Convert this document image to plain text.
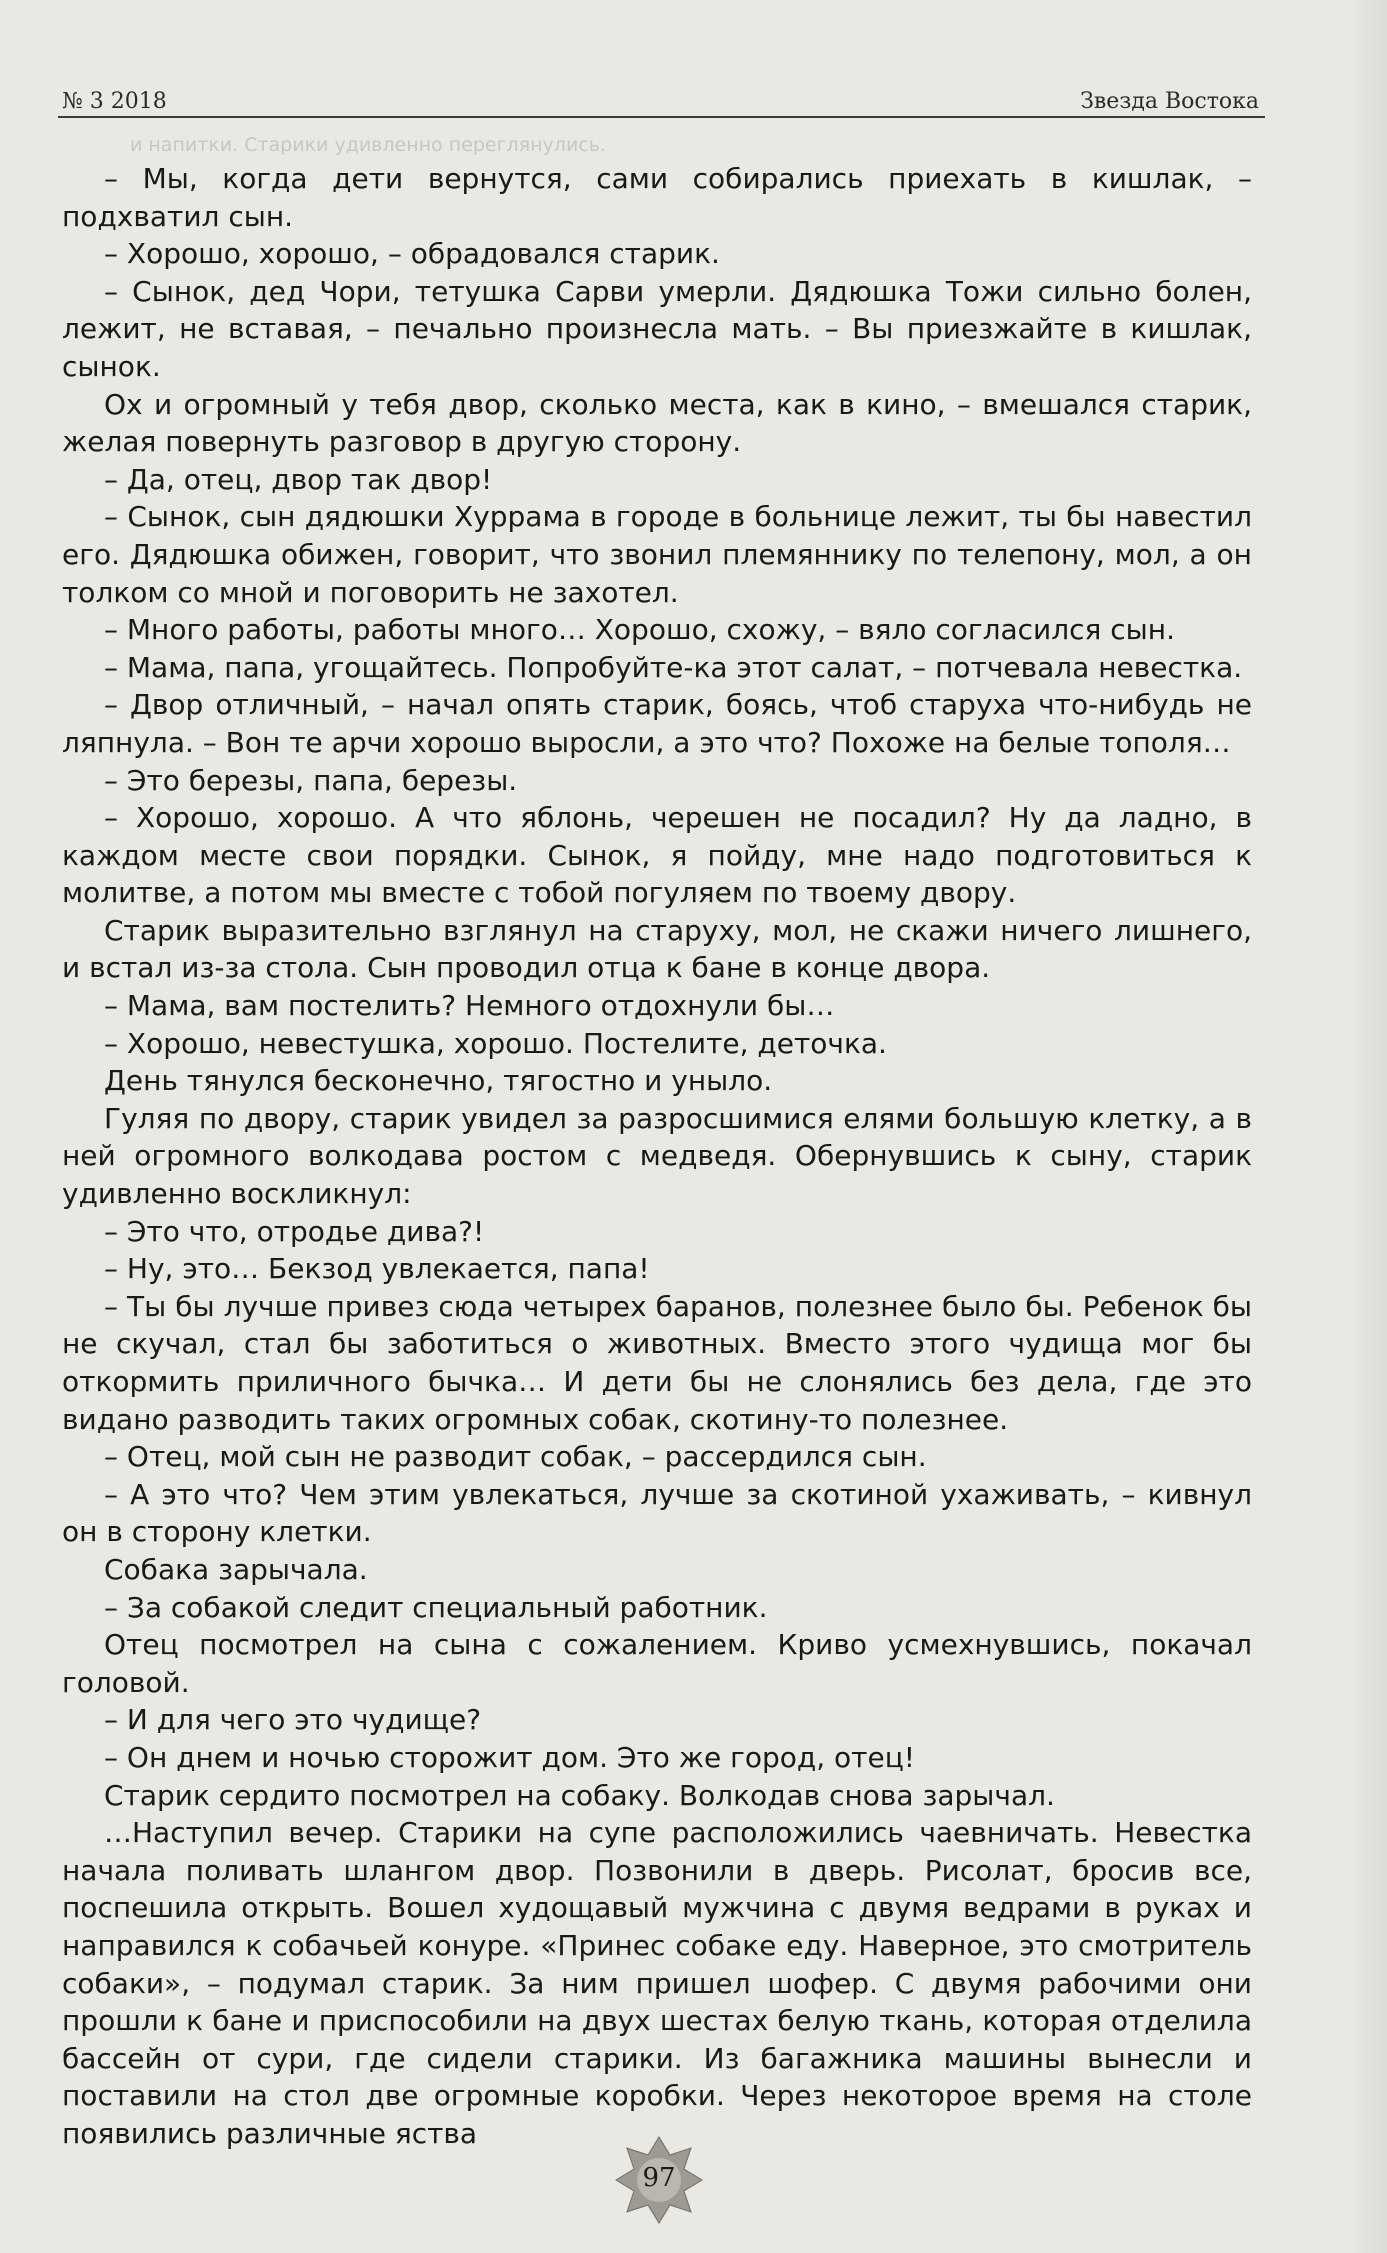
№ 3 2018	Звезда Востока
и напитки. Старики удивленно переглянулись.

– Мы, когда дети вернутся, сами собирались приехать в кишлак, – подхватил сын.

– Хорошо, хорошо, – обрадовался старик.

– Сынок, дед Чори, тетушка Сарви умерли. Дядюшка Тожи сильно болен, лежит, не вставая, – печально произнесла мать. – Вы приезжайте в кишлак, сынок.

Ох и огромный у тебя двор, сколько места, как в кино, – вмешался старик, желая повернуть разговор в другую сторону.

– Да, отец, двор так двор!

– Сынок, сын дядюшки Хуррама в городе в больнице лежит, ты бы навестил его. Дядюшка обижен, говорит, что звонил племяннику по телепону, мол, а он толком со мной и поговорить не захотел.

– Много работы, работы много… Хорошо, схожу, – вяло согласился сын.

– Мама, папа, угощайтесь. Попробуйте-ка этот салат, – потчевала невестка.

– Двор отличный, – начал опять старик, боясь, чтоб старуха что-нибудь не ляпнула. – Вон те арчи хорошо выросли, а это что? Похоже на белые тополя…

– Это березы, папа, березы.

– Хорошо, хорошо. А что яблонь, черешен не посадил? Ну да ладно, в каждом месте свои порядки. Сынок, я пойду, мне надо подготовиться к молитве, а потом мы вместе с тобой погуляем по твоему двору.

Старик выразительно взглянул на старуху, мол, не скажи ничего лишнего, и встал из-за стола. Сын проводил отца к бане в конце двора.

– Мама, вам постелить? Немного отдохнули бы…

– Хорошо, невестушка, хорошо. Постелите, деточка.

День тянулся бесконечно, тягостно и уныло.

Гуляя по двору, старик увидел за разросшимися елями большую клетку, а в ней огромного волкодава ростом с медведя. Обернувшись к сыну, старик удивленно воскликнул:

– Это что, отродье дива?!

– Ну, это… Бекзод увлекается, папа!

– Ты бы лучше привез сюда четырех баранов, полезнее было бы. Ребенок бы не скучал, стал бы заботиться о животных. Вместо этого чудища мог бы откормить приличного бычка… И дети бы не слонялись без дела, где это видано разводить таких огромных собак, скотину-то полезнее.

– Отец, мой сын не разводит собак, – рассердился сын.

– А это что? Чем этим увлекаться, лучше за скотиной ухаживать, – кивнул он в сторону клетки.

Собака зарычала.

– За собакой следит специальный работник.

Отец посмотрел на сына с сожалением. Криво усмехнувшись, покачал головой.

– И для чего это чудище?

– Он днем и ночью сторожит дом. Это же город, отец!

Старик сердито посмотрел на собаку. Волкодав снова зарычал.

…Наступил вечер. Старики на супе расположились чаевничать. Невестка начала поливать шлангом двор. Позвонили в дверь. Рисолат, бросив все, поспешила открыть. Вошел худощавый мужчина с двумя ведрами в руках и направился к собачьей конуре. «Принес собаке еду. Наверное, это смотритель собаки», – подумал старик. За ним пришел шофер. С двумя рабочими они прошли к бане и приспособили на двух шестах белую ткань, которая отделила бассейн от сури, где сидели старики. Из багажника машины вынесли и поставили на стол две огромные коробки. Через некоторое время на столе появились различные яства

97
